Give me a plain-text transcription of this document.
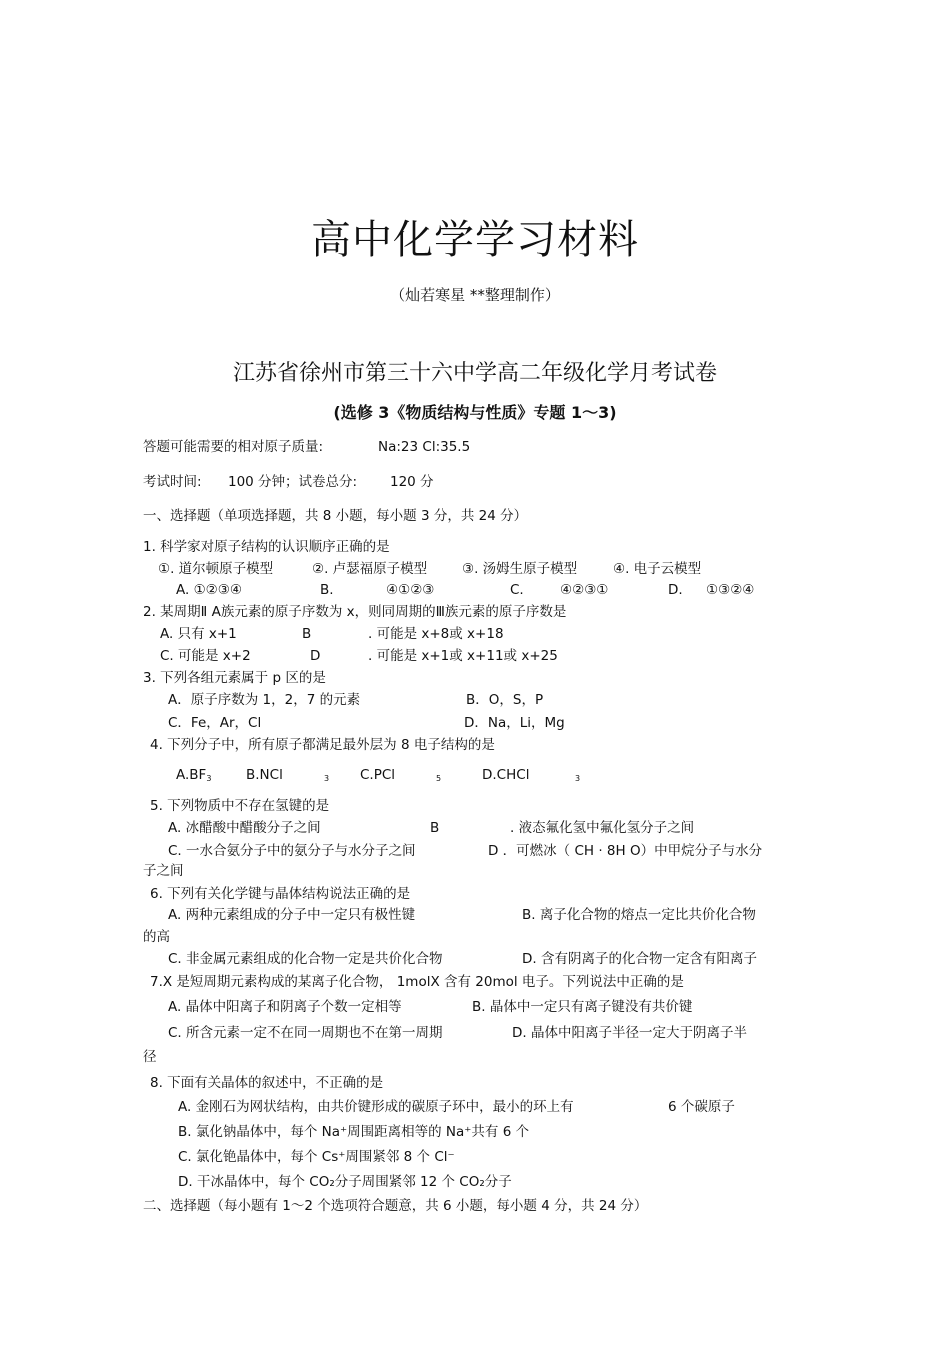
高中化学学习材料
（灿若寒星 **整理制作）
江苏省徐州市第三十六中学高二年级化学月考试卷
(选修 3《物质结构与性质》专题 1～3)
答题可能需要的相对原子质量:	Na:23 Cl:35.5
考试时间: 100 分钟；试卷总分: 120 分
一、选择题（单项选择题，共 8 小题，每小题 3 分，共 24 分）
1. 科学家对原子结构的认识顺序正确的是
①. 道尔顿原子模型	②. 卢瑟福原子模型	③. 汤姆生原子模型	④. 电子云模型
A. ①②③④	B.	④①②③	C.	④②③①	D. ①③②④
2. 某周期Ⅱ A族元素的原子序数为 x，则同周期的Ⅲ族元素的原子序数是
A. 只有 x+1	B	. 可能是 x+8或 x+18
C. 可能是 x+2	D	. 可能是 x+1或 x+11或 x+25
3. 下列各组元素属于 p 区的是
A．原子序数为 1，2，7 的元素	B．O，S，P
C．Fe，Ar，Cl	D．Na，Li，Mg
4. 下列分子中，所有原子都满足最外层为 8 电子结构的是
$A.BF_3$	B.NCl	$_3$ C.PCl	$_5$	D.CHCl	$_3$
5. 下列物质中不存在氢键的是
A. 冰醋酸中醋酸分子之间	B	. 液态氟化氢中氟化氢分子之间
C. 一水合氨分子中的氨分子与水分子之间	D ．可燃冰（ CH · 8H O）中甲烷分子与水分
子之间
6. 下列有关化学键与晶体结构说法正确的是
A. 两种元素组成的分子中一定只有极性键	B. 离子化合物的熔点一定比共价化合物
的高
C. 非金属元素组成的化合物一定是共价化合物	D. 含有阴离子的化合物一定含有阳离子
7.X 是短周期元素构成的某离子化合物， 1molX 含有 20mol 电子。下列说法中正确的是
A. 晶体中阳离子和阴离子个数一定相等	B. 晶体中一定只有离子键没有共价键
C. 所含元素一定不在同一周期也不在第一周期	D. 晶体中阳离子半径一定大于阴离子半
径
8. 下面有关晶体的叙述中，不正确的是
A. 金刚石为网状结构，由共价键形成的碳原子环中，最小的环上有	6 个碳原子
B. 氯化钠晶体中，每个 Na⁺周围距离相等的 Na⁺共有 6 个
C. 氯化铯晶体中，每个 Cs⁺周围紧邻 8 个 Cl⁻
D. 干冰晶体中，每个 CO₂分子周围紧邻 12 个 CO₂分子
二、选择题（每小题有 1～2 个选项符合题意，共 6 小题，每小题 4 分，共 24 分）
